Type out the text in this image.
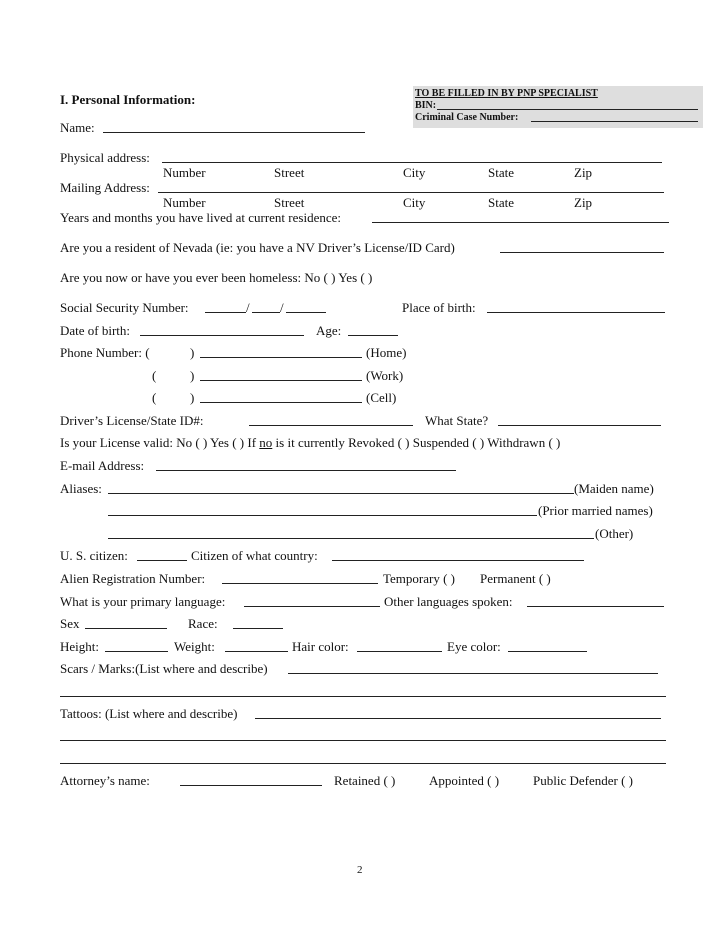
I. Personal Information:	TO BE FILLED IN BY PNP SPECIALIST
BIN:
Criminal Case Number:
Name:
Physical address:
Number	Street	City	State	Zip
Mailing Address:
Number	Street	City	State	Zip
Years and months you have lived at current residence:
Are you a resident of Nevada (ie: you have a NV Driver’s License/ID Card)
Are you now or have you ever been homeless: No ( ) Yes ( )
Social Security Number:	/ /	Place of birth:
Date of birth:	Age:
Phone Number: (	)	(Home)
(	)	(Work)
(	)	(Cell)
Driver’s License/State ID#:	What State?
Is your License valid: No ( ) Yes ( ) If no is it currently Revoked ( ) Suspended ( ) Withdrawn ( )
E-mail Address:
Aliases:	(Maiden name)
(Prior married names)
(Other)
U. S. citizen:	Citizen of what country:
Alien Registration Number:	Temporary ( ) Permanent ( )
What is your primary language:	Other languages spoken:
Sex	Race:
Height:	Weight:	Hair color:	Eye color:
Scars / Marks:(List where and describe)
Tattoos: (List where and describe)
Attorney’s name:	Retained ( )	Appointed ( )	Public Defender ( )
2
